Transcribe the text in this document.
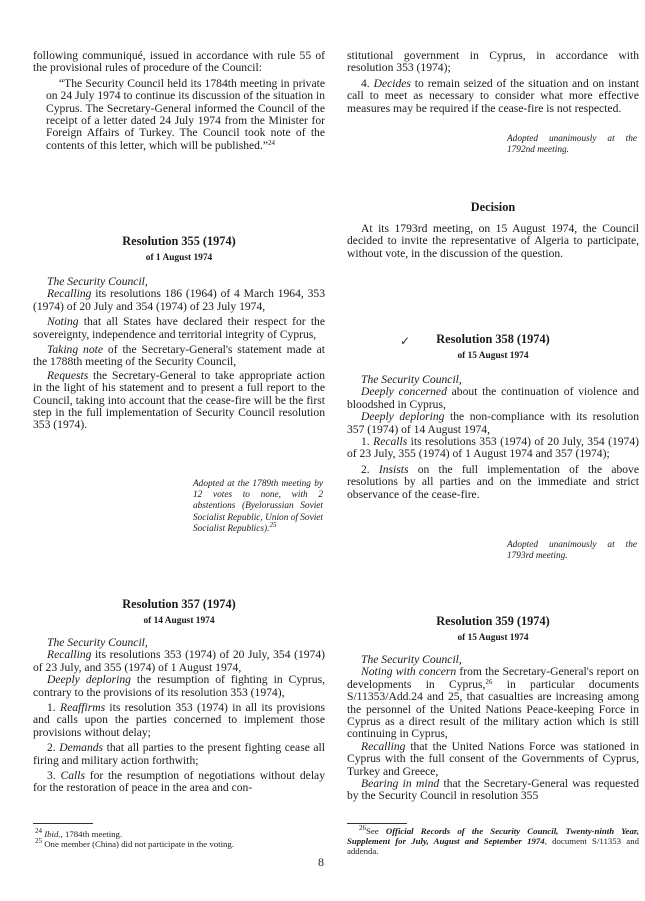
following communiqué, issued in accordance with rule 55 of the provisional rules of procedure of the Council:

“The Security Council held its 1784th meeting in private on 24 July 1974 to continue its discussion of the situation in Cyprus. The Secretary-General informed the Council of the receipt of a letter dated 24 July 1974 from the Minister for Foreign Affairs of Turkey. The Council took note of the contents of this letter, which will be published.”$^{24}$

Resolution 355 (1974)
of 1 August 1974

The Security Council,

Recalling its resolutions 186 (1964) of 4 March 1964, 353 (1974) of 20 July and 354 (1974) of 23 July 1974,

Noting that all States have declared their respect for the sovereignty, independence and territorial integrity of Cyprus,

Taking note of the Secretary-General's statement made at the 1788th meeting of the Security Council,

Requests the Secretary-General to take appropriate action in the light of his statement and to present a full report to the Council, taking into account that the cease-fire will be the first step in the full implementation of Security Council resolution 353 (1974).

Adopted at the 1789th meeting by 12 votes to none, with 2 abstentions (Byelorussian Soviet Socialist Republic, Union of Soviet Socialist Republics).$^{25}$
Resolution 357 (1974)
of 14 August 1974

The Security Council,

Recalling its resolutions 353 (1974) of 20 July, 354 (1974) of 23 July, and 355 (1974) of 1 August 1974,

Deeply deploring the resumption of fighting in Cyprus, contrary to the provisions of its resolution 353 (1974),

1. Reaffirms its resolution 353 (1974) in all its provisions and calls upon the parties concerned to implement those provisions without delay;

2. Demands that all parties to the present fighting cease all firing and military action forthwith;

3. Calls for the resumption of negotiations without delay for the restoration of peace in the area and con-

$^{24}$ Ibid., 1784th meeting.
$^{25}$ One member (China) did not participate in the voting.

stitutional government in Cyprus, in accordance with resolution 353 (1974);

4. Decides to remain seized of the situation and on instant call to meet as necessary to consider what more effective measures may be required if the cease-fire is not respected.

Adopted unanimously at the 1792nd meeting.
Decision

At its 1793rd meeting, on 15 August 1974, the Council decided to invite the representative of Algeria to participate, without vote, in the discussion of the question.

✓	Resolution 358 (1974)
of 15 August 1974

The Security Council,

Deeply concerned about the continuation of violence and bloodshed in Cyprus,

Deeply deploring the non-compliance with its resolution 357 (1974) of 14 August 1974,

1. Recalls its resolutions 353 (1974) of 20 July, 354 (1974) of 23 July, 355 (1974) of 1 August 1974 and 357 (1974);

2. Insists on the full implementation of the above resolutions by all parties and on the immediate and strict observance of the cease-fire.

Adopted unanimously at the 1793rd meeting.
Resolution 359 (1974)
of 15 August 1974

The Security Council,

Noting with concern from the Secretary-General's report on developments in Cyprus,$^{26}$ in particular documents S/11353/Add.24 and 25, that casualties are increasing among the personnel of the United Nations Peace-keeping Force in Cyprus as a direct result of the military action which is still continuing in Cyprus,

Recalling that the United Nations Force was stationed in Cyprus with the full consent of the Governments of Cyprus, Turkey and Greece,

Bearing in mind that the Secretary-General was requested by the Security Council in resolution 355

$^{26}$See Official Records of the Security Council, Twenty-ninth Year, Supplement for July, August and September 1974, document S/11353 and addenda.
8
